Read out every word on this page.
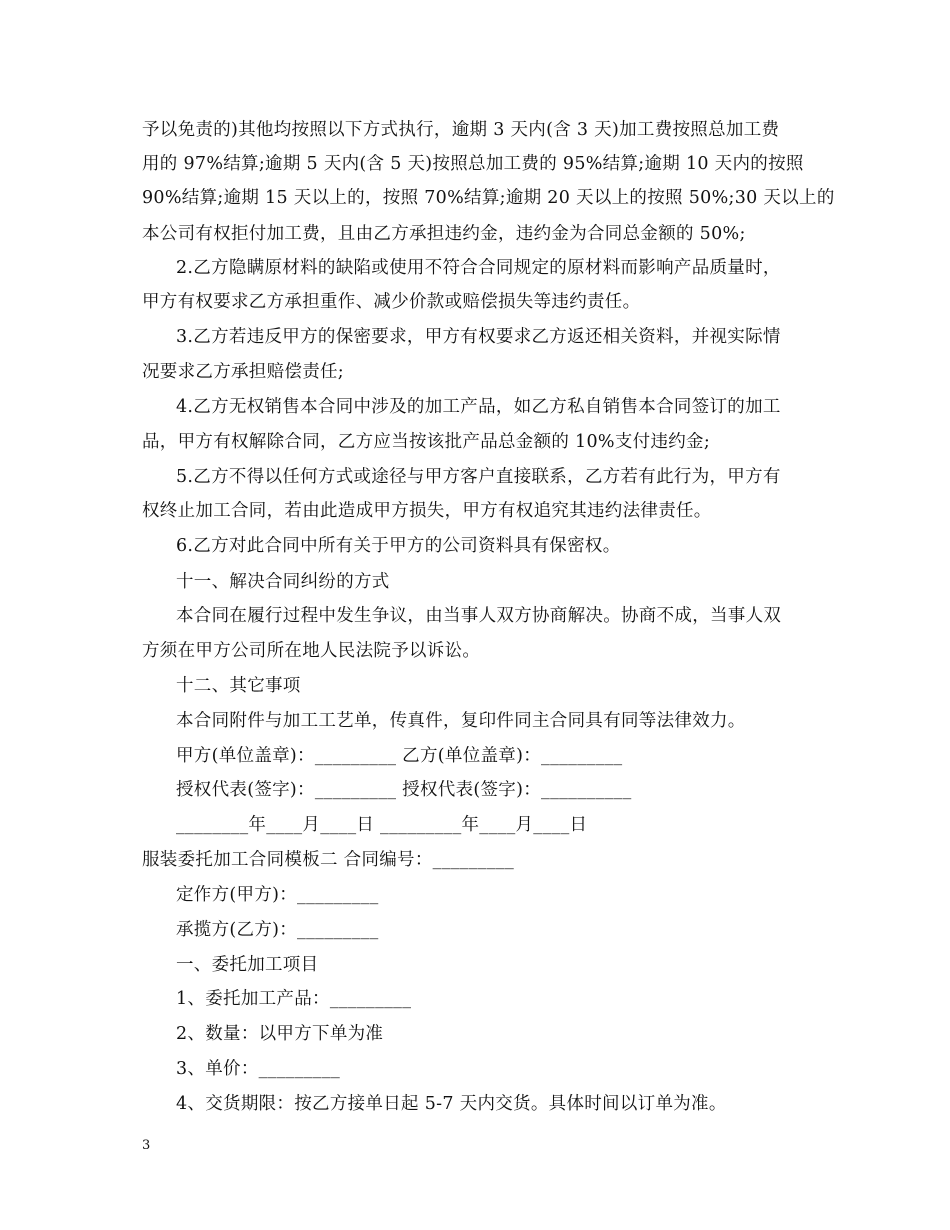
予以免责的)其他均按照以下方式执行，逾期 3 天内(含 3 天)加工费按照总加工费
用的 97%结算;逾期 5 天内(含 5 天)按照总加工费的 95%结算;逾期 10 天内的按照
90%结算;逾期 15 天以上的，按照 70%结算;逾期 20 天以上的按照 50%;30 天以上的
本公司有权拒付加工费，且由乙方承担违约金，违约金为合同总金额的 50%;
2.乙方隐瞒原材料的缺陷或使用不符合合同规定的原材料而影响产品质量时，
甲方有权要求乙方承担重作、减少价款或赔偿损失等违约责任。
3.乙方若违反甲方的保密要求，甲方有权要求乙方返还相关资料，并视实际情
况要求乙方承担赔偿责任;
4.乙方无权销售本合同中涉及的加工产品，如乙方私自销售本合同签订的加工
品，甲方有权解除合同，乙方应当按该批产品总金额的 10%支付违约金;
5.乙方不得以任何方式或途径与甲方客户直接联系，乙方若有此行为，甲方有
权终止加工合同，若由此造成甲方损失，甲方有权追究其违约法律责任。
6.乙方对此合同中所有关于甲方的公司资料具有保密权。
十一、解决合同纠纷的方式
本合同在履行过程中发生争议，由当事人双方协商解决。协商不成，当事人双
方须在甲方公司所在地人民法院予以诉讼。
十二、其它事项
本合同附件与加工工艺单，传真件，复印件同主合同具有同等法律效力。
甲方(单位盖章)：_________ 乙方(单位盖章)：_________
授权代表(签字)：_________ 授权代表(签字)：__________
________年____月____日 _________年____月____日
服装委托加工合同模板二 合同编号：_________
定作方(甲方)：_________
承揽方(乙方)：_________
一、委托加工项目
1、委托加工产品：_________
2、数量：以甲方下单为准
3、单价：_________
4、交货期限：按乙方接单日起 5-7 天内交货。具体时间以订单为准。
3
